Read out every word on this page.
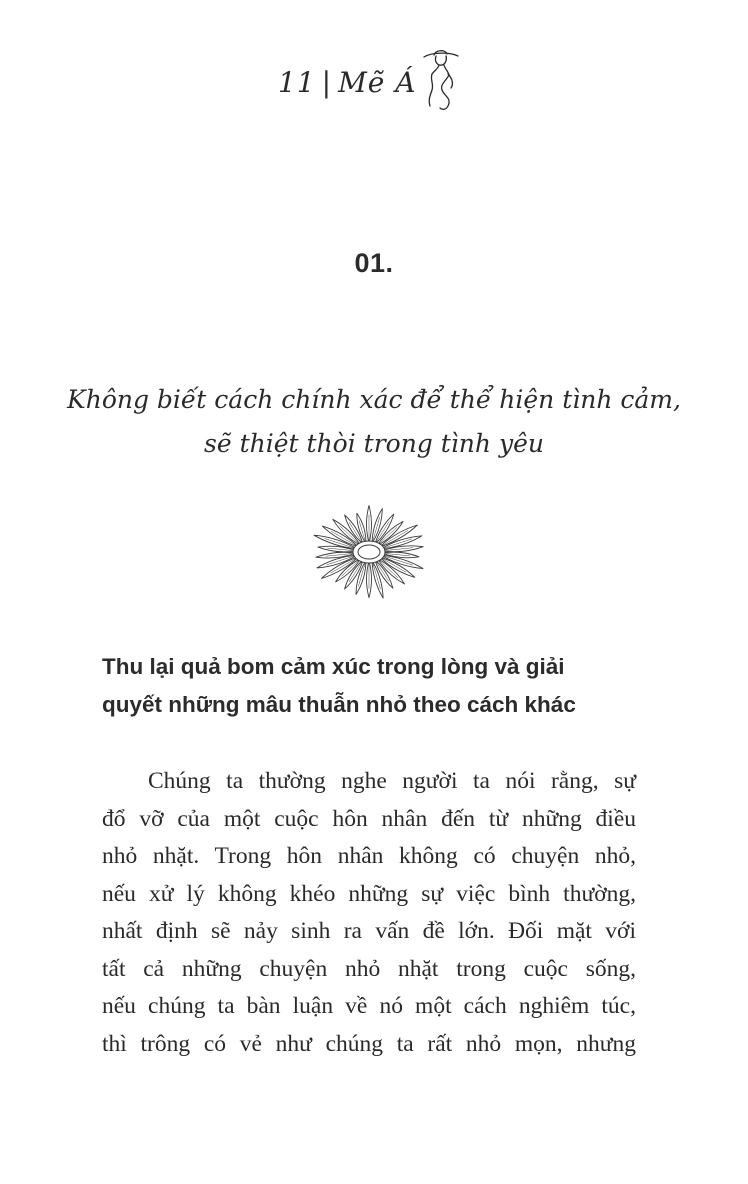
11 | Mẽ Á
01.
Không biết cách chính xác để thể hiện tình cảm,
sẽ thiệt thòi trong tình yêu
Thu lại quả bom cảm xúc trong lòng và giải
quyết những mâu thuẫn nhỏ theo cách khác
Chúng ta thường nghe người ta nói rằng, sự
đổ vỡ của một cuộc hôn nhân đến từ những điều
nhỏ nhặt. Trong hôn nhân không có chuyện nhỏ,
nếu xử lý không khéo những sự việc bình thường,
nhất định sẽ nảy sinh ra vấn đề lớn. Đối mặt với
tất cả những chuyện nhỏ nhặt trong cuộc sống,
nếu chúng ta bàn luận về nó một cách nghiêm túc,
thì trông có vẻ như chúng ta rất nhỏ mọn, nhưng
